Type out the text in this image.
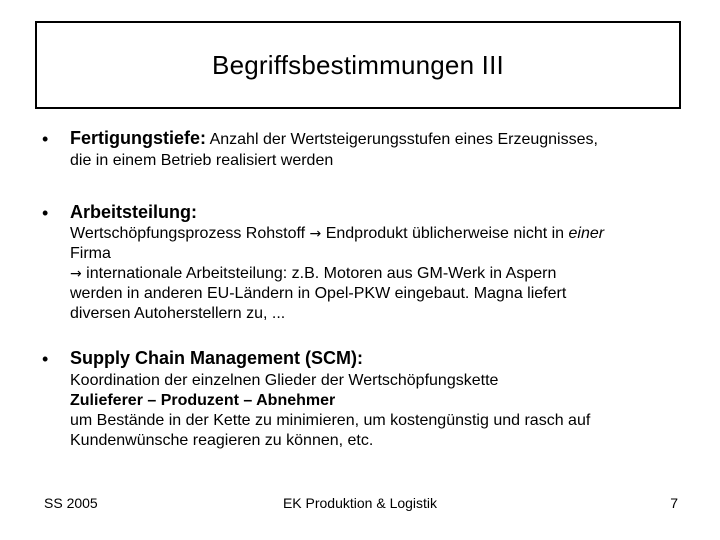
Begriffsbestimmungen III
• Fertigungstiefe: Anzahl der Wertsteigerungsstufen eines Erzeugnisses,
die in einem Betrieb realisiert werden
• Arbeitsteilung:
Wertschöpfungsprozess Rohstoff → Endprodukt üblicherweise nicht in einer
Firma
→ internationale Arbeitsteilung: z.B. Motoren aus GM-Werk in Aspern
werden in anderen EU-Ländern in Opel-PKW eingebaut. Magna liefert
diversen Autoherstellern zu, ...
• Supply Chain Management (SCM):
Koordination der einzelnen Glieder der Wertschöpfungskette
Zulieferer – Produzent – Abnehmer
um Bestände in der Kette zu minimieren, um kostengünstig und rasch auf
Kundenwünsche reagieren zu können, etc.
SS 2005	EK Produktion & Logistik	7
